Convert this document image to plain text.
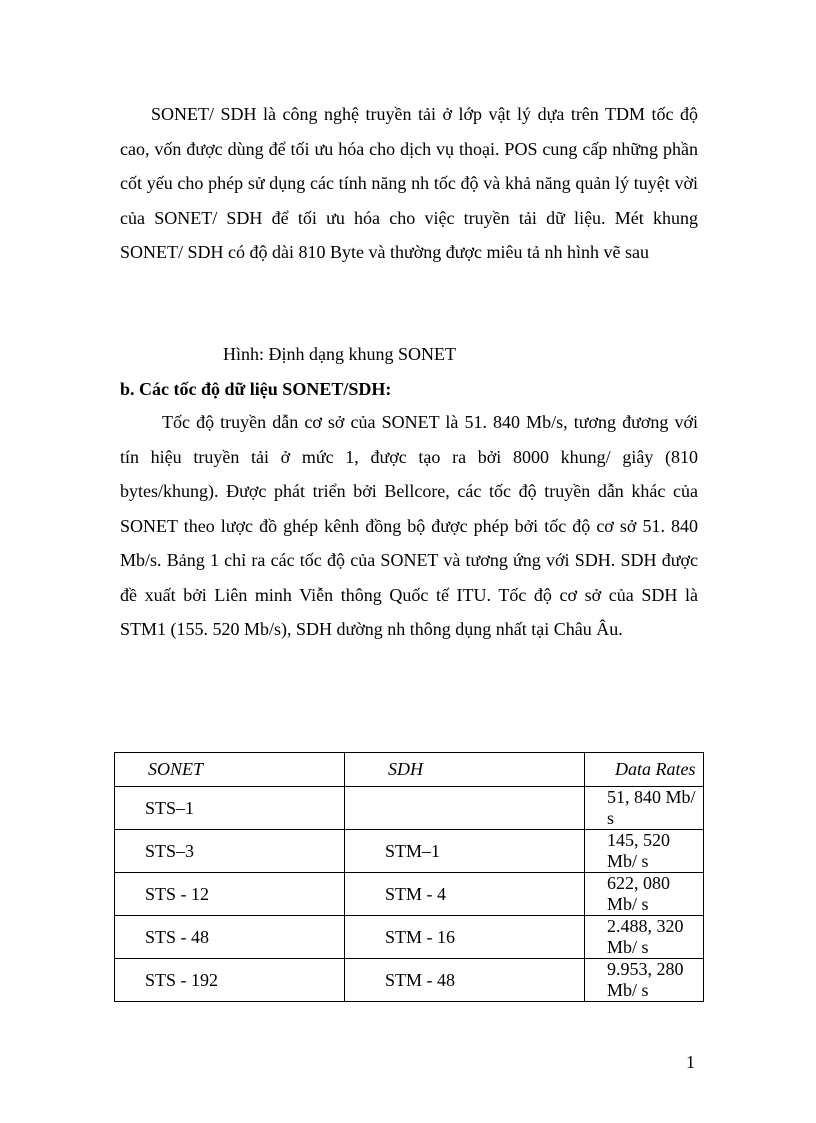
SONET/ SDH là công nghệ truyền tải ở lớp vật lý dựa trên TDM tốc độ cao, vốn được dùng để tối ưu hóa cho dịch vụ thoại. POS cung cấp những phần cốt yếu cho phép sử dụng các tính năng nh tốc độ và khả năng quản lý tuyệt vời của SONET/ SDH để tối ưu hóa cho việc truyền tải dữ liệu. Mét khung SONET/ SDH có độ dài 810 Byte và thường được miêu tả nh hình vẽ sau

Hình: Định dạng khung SONET

b. Các tốc độ dữ liệu SONET/SDH:

Tốc độ truyền dẫn cơ sở của SONET là 51. 840 Mb/s, tương đương với tín hiệu truyền tải ở mức 1, được tạo ra bởi 8000 khung/ giây (810 bytes/khung). Được phát triển bởi Bellcore, các tốc độ truyền dẫn khác của SONET theo lược đồ ghép kênh đồng bộ được phép bởi tốc độ cơ sở 51. 840 Mb/s. Bảng 1 chỉ ra các tốc độ của SONET và tương ứng với SDH. SDH được đề xuất bởi Liên minh Viễn thông Quốc tế ITU. Tốc độ cơ sở của SDH là STM1 (155. 520 Mb/s), SDH dường nh thông dụng nhất tại Châu Âu.

SONET	SDH	Data Rates
STS–1		51, 840 Mb/ s
STS–3	STM–1	145, 520 Mb/ s
STS - 12	STM - 4	622, 080 Mb/ s
STS - 48	STM - 16	2.488, 320 Mb/ s
STS - 192	STM - 48	9.953, 280 Mb/ s

1
